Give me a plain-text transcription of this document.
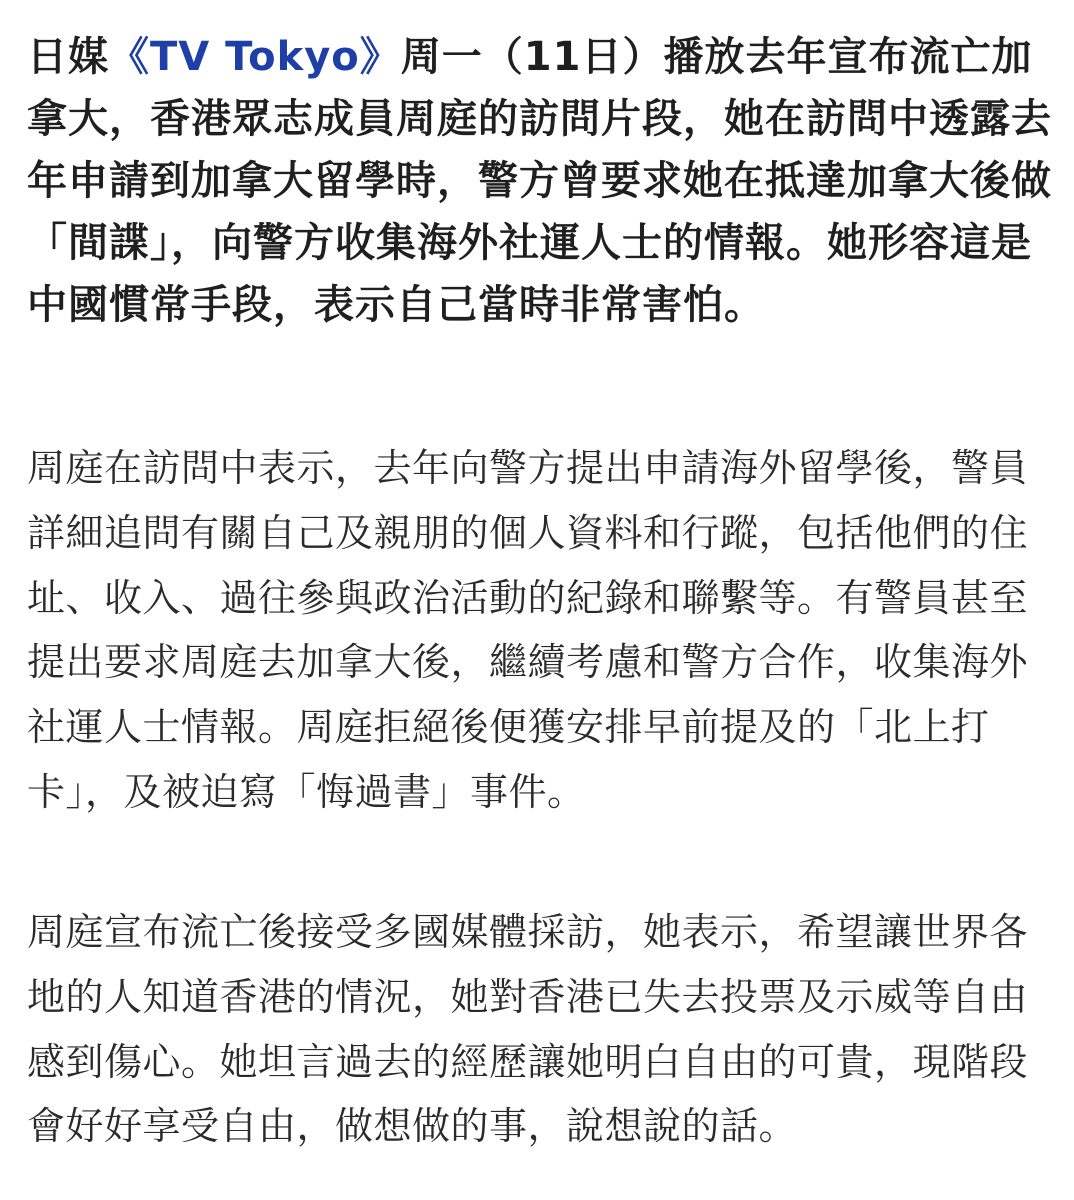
日媒《TV Tokyo》周一（11日）播放去年宣布流亡加拿大，香港眾志成員周庭的訪問片段，她在訪問中透露去年申請到加拿大留學時，警方曾要求她在抵達加拿大後做「間諜」，向警方收集海外社運人士的情報。她形容這是中國慣常手段，表示自己當時非常害怕。

周庭在訪問中表示，去年向警方提出申請海外留學後，警員詳細追問有關自己及親朋的個人資料和行蹤，包括他們的住址、收入、過往參與政治活動的紀錄和聯繫等。有警員甚至提出要求周庭去加拿大後，繼續考慮和警方合作，收集海外社運人士情報。周庭拒絕後便獲安排早前提及的「北上打卡」，及被迫寫「悔過書」事件。

周庭宣布流亡後接受多國媒體採訪，她表示，希望讓世界各地的人知道香港的情況，她對香港已失去投票及示威等自由感到傷心。她坦言過去的經歷讓她明白自由的可貴，現階段會好好享受自由，做想做的事，說想說的話。
